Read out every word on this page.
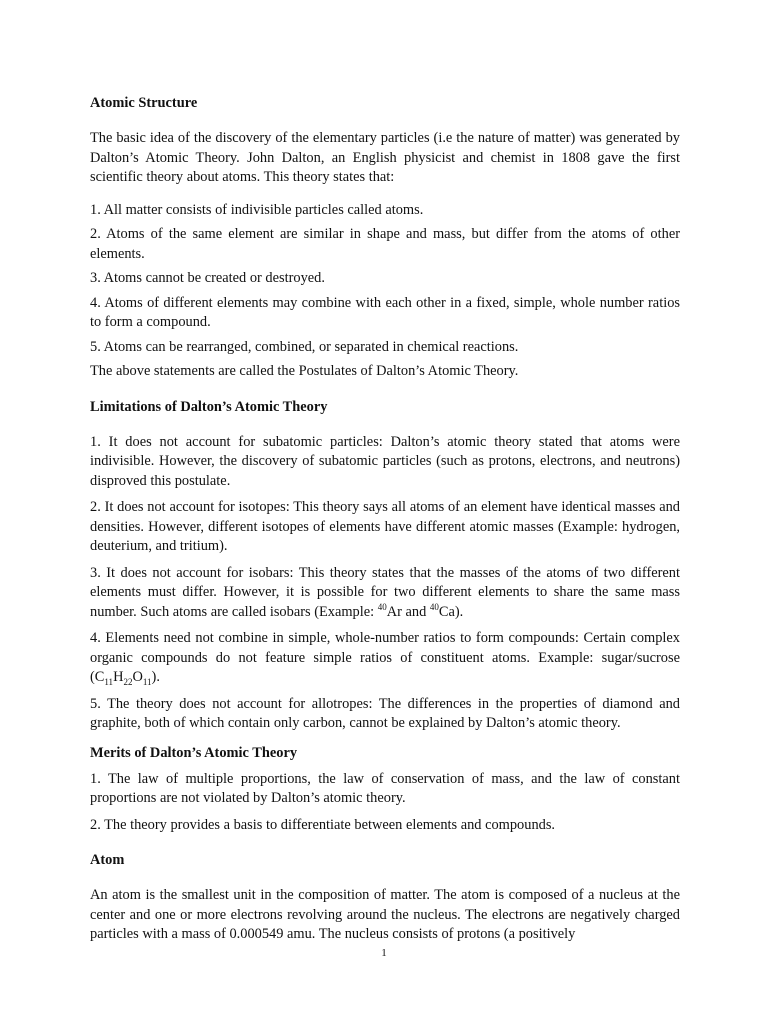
Atomic Structure

The basic idea of the discovery of the elementary particles (i.e the nature of matter) was generated by Dalton’s Atomic Theory. John Dalton, an English physicist and chemist in 1808 gave the first scientific theory about atoms. This theory states that:

1. All matter consists of indivisible particles called atoms.

2. Atoms of the same element are similar in shape and mass, but differ from the atoms of other elements.

3. Atoms cannot be created or destroyed.

4. Atoms of different elements may combine with each other in a fixed, simple, whole number ratios to form a compound.

5. Atoms can be rearranged, combined, or separated in chemical reactions.

The above statements are called the Postulates of Dalton’s Atomic Theory.

Limitations of Dalton’s Atomic Theory

1. It does not account for subatomic particles: Dalton’s atomic theory stated that atoms were indivisible. However, the discovery of subatomic particles (such as protons, electrons, and neutrons) disproved this postulate.

2. It does not account for isotopes: This theory says all atoms of an element have identical masses and densities. However, different isotopes of elements have different atomic masses (Example: hydrogen, deuterium, and tritium).

3. It does not account for isobars: This theory states that the masses of the atoms of two different elements must differ. However, it is possible for two different elements to share the same mass number. Such atoms are called isobars (Example: $^{40}$Ar and $^{40}$Ca).

4. Elements need not combine in simple, whole-number ratios to form compounds: Certain complex organic compounds do not feature simple ratios of constituent atoms. Example: sugar/sucrose $(C_{11}H_{22}O_{11})$.

5. The theory does not account for allotropes: The differences in the properties of diamond and graphite, both of which contain only carbon, cannot be explained by Dalton’s atomic theory.

Merits of Dalton’s Atomic Theory

1. The law of multiple proportions, the law of conservation of mass, and the law of constant proportions are not violated by Dalton’s atomic theory.

2. The theory provides a basis to differentiate between elements and compounds.

Atom

An atom is the smallest unit in the composition of matter. The atom is composed of a nucleus at the center and one or more electrons revolving around the nucleus. The electrons are negatively charged particles with a mass of 0.000549 amu. The nucleus consists of protons (a positively

1
